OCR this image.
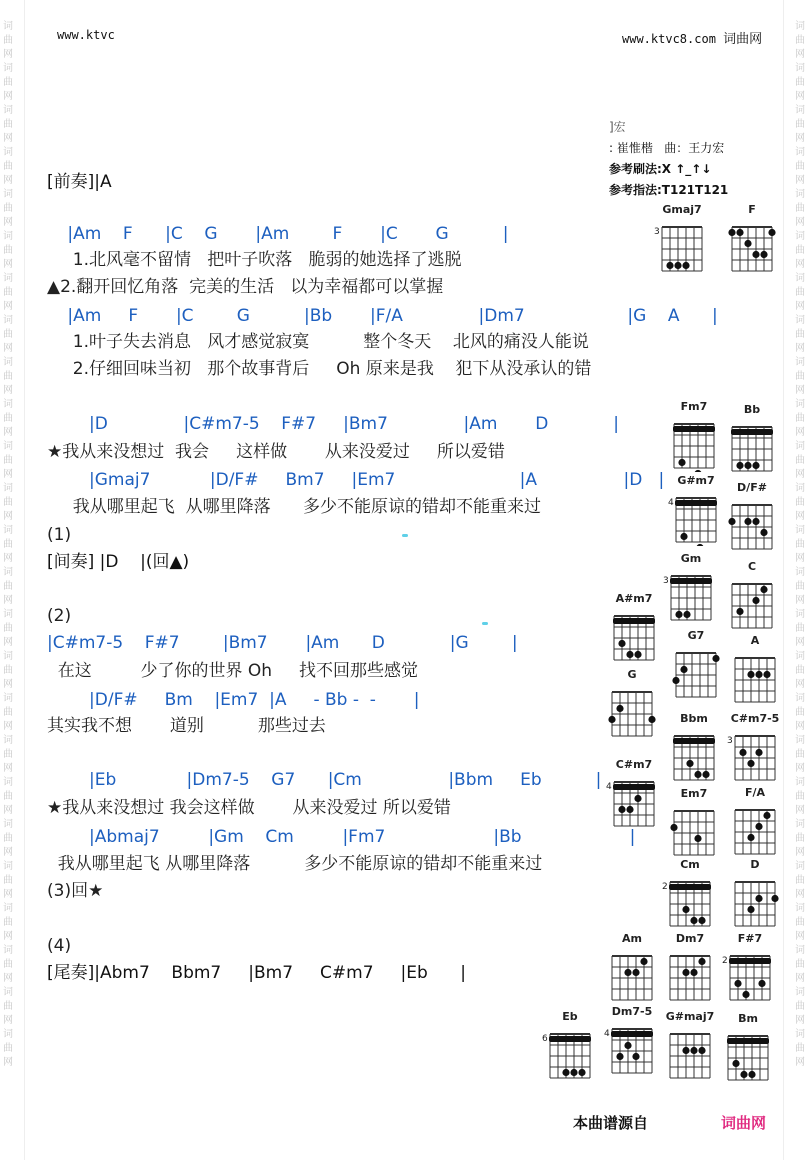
词曲网词曲网词曲网词曲网词曲网词曲网词曲网词曲网词曲网词曲网词曲网词曲网词曲网词曲网词曲网词曲网词曲网词曲网词曲网词曲网词曲网词曲网词曲网词曲网词曲网
词曲网词曲网词曲网词曲网词曲网词曲网词曲网词曲网词曲网词曲网词曲网词曲网词曲网词曲网词曲网词曲网词曲网词曲网词曲网词曲网词曲网词曲网词曲网词曲网词曲网
www.ktvc	www.ktvc8.com 词曲网
]宏
: 崔惟楷   曲：王力宏
参考刷法:X ↑_↑↓
参考指法:T121T121
[前奏]|A
|Am    F      |C    G       |Am        F       |C       G          |
1.北风毫不留情   把叶子吹落   脆弱的她选择了逃脱
▲2.翻开回忆角落  完美的生活   以为幸福都可以掌握
|Am     F       |C        G          |Bb       |F/A              |Dm7                   |G    A      |
1.叶子失去消息   风才感觉寂寞          整个冬天    北风的痛没人能说
2.仔细回味当初   那个故事背后     Oh 原来是我    犯下从没承认的错
|D              |C#m7-5    F#7     |Bm7              |Am       D            |
★我从来没想过  我会     这样做       从来没爱过     所以爱错
|Gmaj7           |D/F#     Bm7     |Em7                       |A                |D   |
我从哪里起飞  从哪里降落      多少不能原谅的错却不能重来过
(1)
[间奏] |D    |(回▲)
(2)
|C#m7-5    F#7        |Bm7       |Am      D            |G        |
在这         少了你的世界 Oh     找不回那些感觉
|D/F#     Bm    |Em7  |A     - Bb -  -       |
其实我不想       道别          那些过去
|Eb             |Dm7-5    G7      |Cm                |Bbm     Eb          |
★我从来没想过 我会这样做       从来没爱过 所以爱错
|Abmaj7         |Gm    Cm         |Fm7                    |Bb                    |
我从哪里起飞 从哪里降落          多少不能原谅的错却不能重来过
(3)回★
(4)
[尾奏]|Abm7    Bbm7     |Bm7     C#m7     |Eb      |
Gmaj7
3
F
Fm7	Bb
G#m7
4
D/F#
Gm
3
C
A#m7
G7	A
G
Bbm	C#m7-5
3
C#m7
4	Em7	F/A
Cm
2
D
Am	Dm7	F#7
2
Eb
6
Dm7-5
4
G#maj7	Bm
本曲谱源自	词曲网
